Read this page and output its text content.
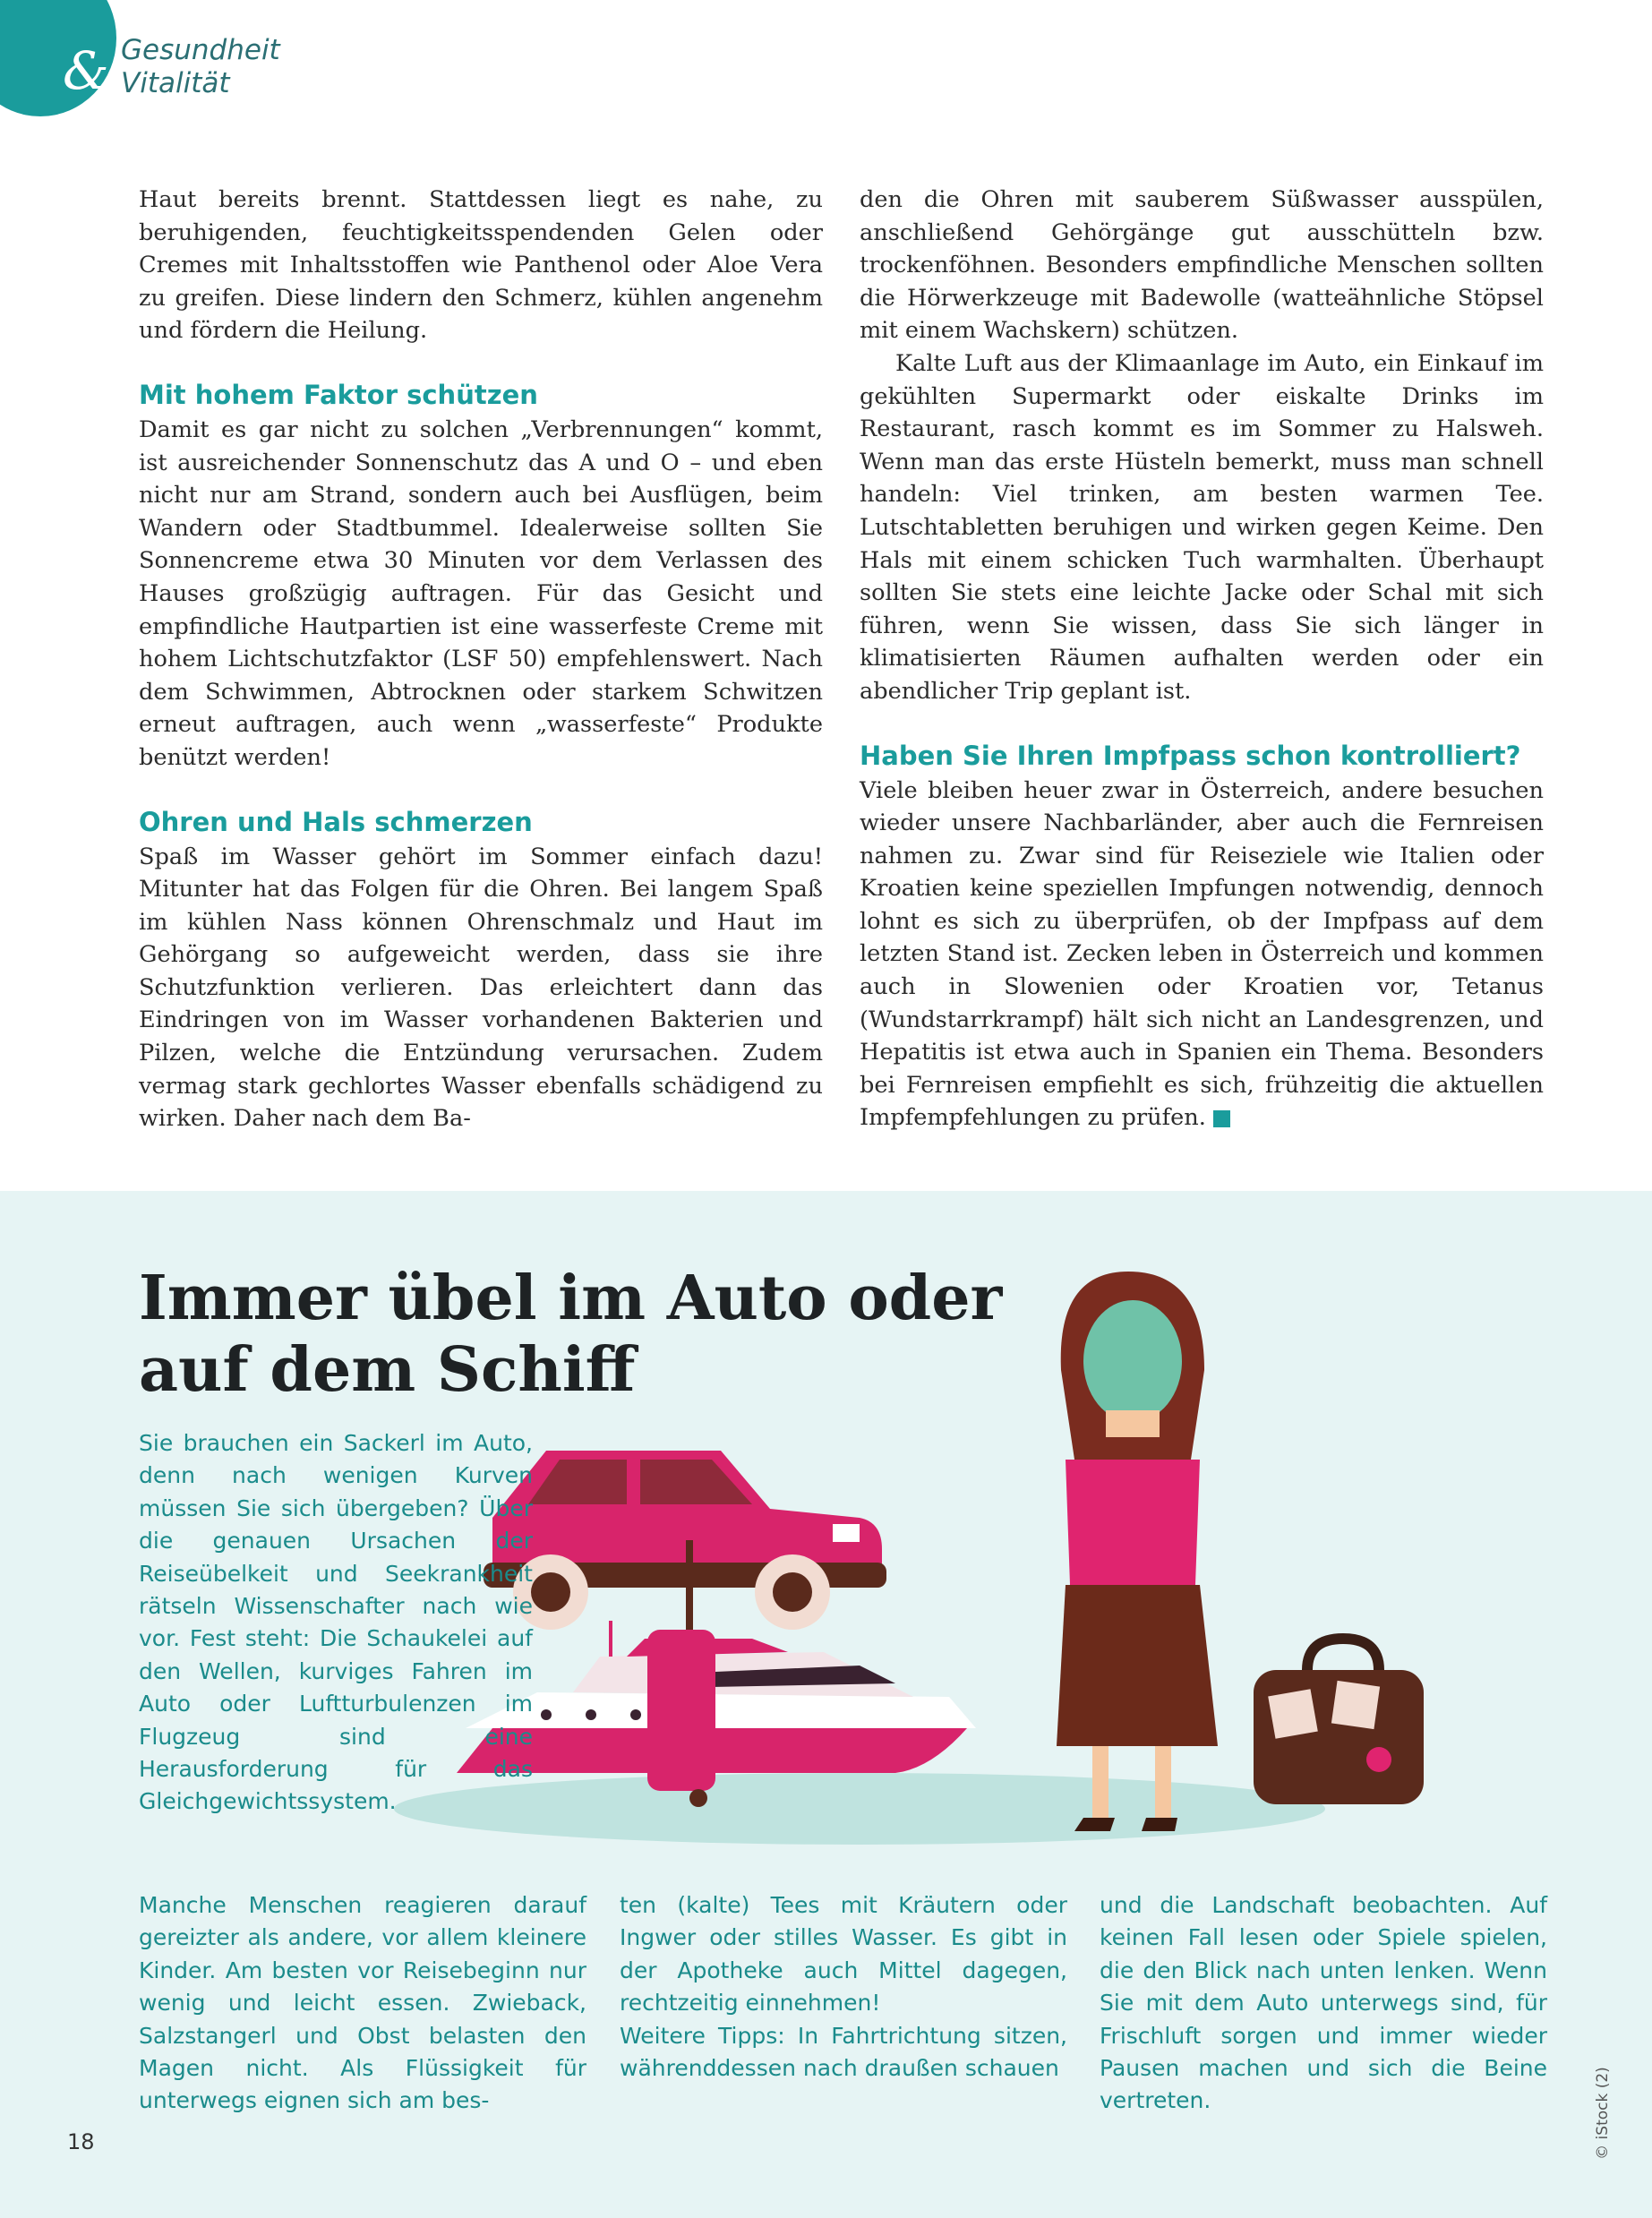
& Gesundheit
Vitalität

Haut bereits brennt. Stattdessen liegt es nahe, zu beruhigenden, feuchtigkeitsspendenden Gelen oder Cremes mit Inhaltsstoffen wie Panthenol oder Aloe Vera zu greifen. Diese lindern den Schmerz, kühlen angenehm und fördern die Heilung.

Mit hohem Faktor schützen

Damit es gar nicht zu solchen „Verbrennungen“ kommt, ist ausreichender Sonnenschutz das A und O – und eben nicht nur am Strand, sondern auch bei Ausflügen, beim Wandern oder Stadtbummel. Idealerweise sollten Sie Sonnencreme etwa 30 Minuten vor dem Verlassen des Hauses großzügig auftragen. Für das Gesicht und empfindliche Hautpartien ist eine wasserfeste Creme mit hohem Lichtschutzfaktor (LSF 50) empfehlenswert. Nach dem Schwimmen, Abtrocknen oder starkem Schwitzen erneut auftragen, auch wenn „wasserfeste“ Produkte benützt werden!

Ohren und Hals schmerzen

Spaß im Wasser gehört im Sommer einfach dazu! Mitunter hat das Folgen für die Ohren. Bei langem Spaß im kühlen Nass können Ohrenschmalz und Haut im Gehörgang so aufgeweicht werden, dass sie ihre Schutzfunktion verlieren. Das erleichtert dann das Eindringen von im Wasser vorhandenen Bakterien und Pilzen, welche die Entzündung verursachen. Zudem vermag stark gechlortes Wasser ebenfalls schädigend zu wirken. Daher nach dem Ba-

den die Ohren mit sauberem Süßwasser ausspülen, anschließend Gehörgänge gut ausschütteln bzw. trockenföhnen. Besonders empfindliche Menschen sollten die Hörwerkzeuge mit Badewolle (watteähnliche Stöpsel mit einem Wachskern) schützen.

Kalte Luft aus der Klimaanlage im Auto, ein Einkauf im gekühlten Supermarkt oder eiskalte Drinks im Restaurant, rasch kommt es im Sommer zu Halsweh. Wenn man das erste Hüsteln bemerkt, muss man schnell handeln: Viel trinken, am besten warmen Tee. Lutschtabletten beruhigen und wirken gegen Keime. Den Hals mit einem schicken Tuch warmhalten. Überhaupt sollten Sie stets eine leichte Jacke oder Schal mit sich führen, wenn Sie wissen, dass Sie sich länger in klimatisierten Räumen aufhalten werden oder ein abendlicher Trip geplant ist.

Haben Sie Ihren Impfpass schon kontrolliert?

Viele bleiben heuer zwar in Österreich, andere besuchen wieder unsere Nachbarländer, aber auch die Fernreisen nahmen zu. Zwar sind für Reiseziele wie Italien oder Kroatien keine speziellen Impfungen notwendig, dennoch lohnt es sich zu überprüfen, ob der Impfpass auf dem letzten Stand ist. Zecken leben in Österreich und kommen auch in Slowenien oder Kroatien vor, Tetanus (Wundstarrkrampf) hält sich nicht an Landesgrenzen, und Hepatitis ist etwa auch in Spanien ein Thema. Besonders bei Fernreisen empfiehlt es sich, frühzeitig die aktuellen Impfempfehlungen zu prüfen.

Immer übel im Auto oder auf dem Schiff

Sie brauchen ein Sackerl im Auto, denn nach wenigen Kurven müssen Sie sich übergeben? Über die genauen Ursachen der Reiseübelkeit und Seekrankheit rätseln Wissenschafter nach wie vor. Fest steht: Die Schaukelei auf den Wellen, kurviges Fahren im Auto oder Luftturbulenzen im Flugzeug sind eine Herausforderung für das Gleichgewichtssystem.

Manche Menschen reagieren darauf gereizter als andere, vor allem kleinere Kinder. Am besten vor Reisebeginn nur wenig und leicht essen. Zwieback, Salzstangerl und Obst belasten den Magen nicht. Als Flüssigkeit für unterwegs eignen sich am bes-

ten (kalte) Tees mit Kräutern oder Ingwer oder stilles Wasser. Es gibt in der Apotheke auch Mittel dagegen, rechtzeitig einnehmen!

Weitere Tipps: In Fahrtrichtung sitzen, währenddessen nach draußen schauen

und die Landschaft beobachten. Auf keinen Fall lesen oder Spiele spielen, die den Blick nach unten lenken. Wenn Sie mit dem Auto unterwegs sind, für Frischluft sorgen und immer wieder Pausen machen und sich die Beine vertreten.	© iStock (2)
18
